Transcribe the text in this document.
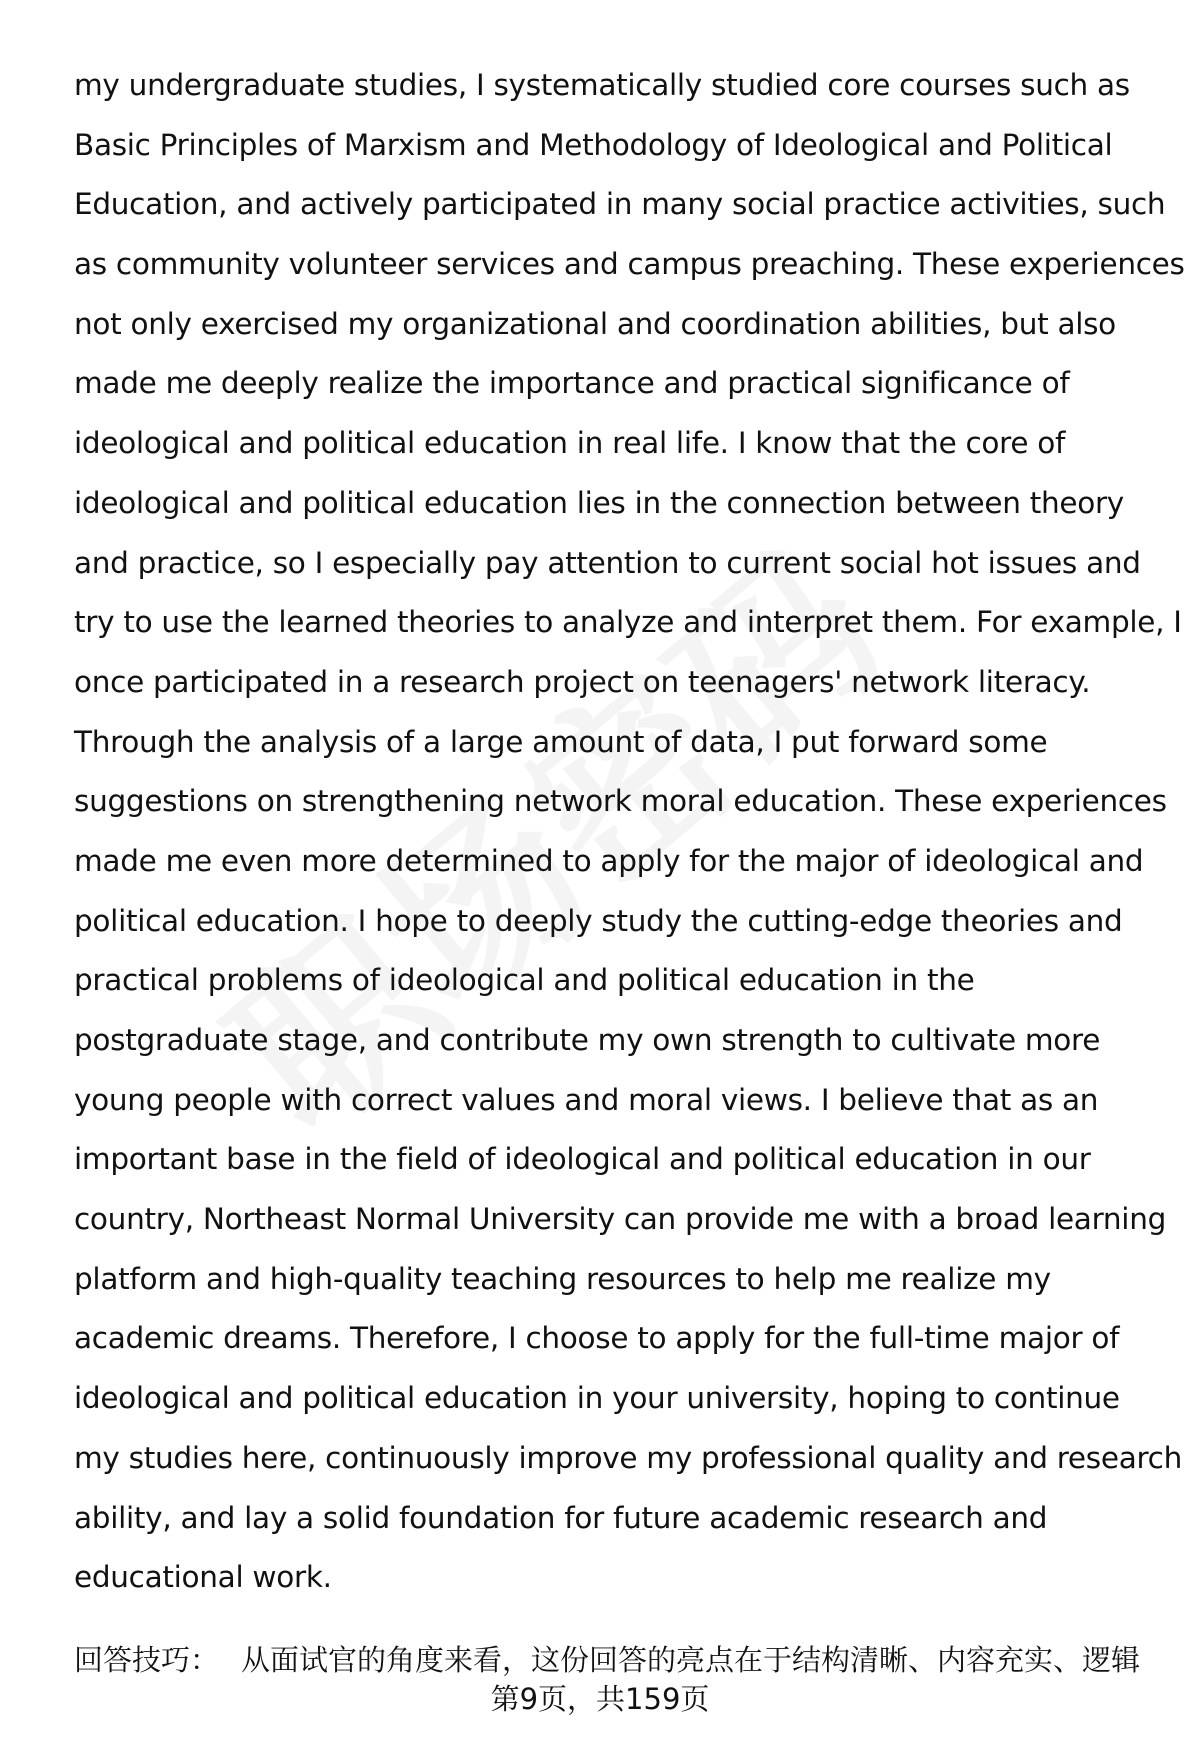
my undergraduate studies, I systematically studied core courses such as
Basic Principles of Marxism and Methodology of Ideological and Political
Education, and actively participated in many social practice activities, such
as community volunteer services and campus preaching. These experiences
not only exercised my organizational and coordination abilities, but also
made me deeply realize the importance and practical significance of
ideological and political education in real life. I know that the core of
ideological and political education lies in the connection between theory
and practice, so I especially pay attention to current social hot issues and
try to use the learned theories to analyze and interpret them. For example, I
once participated in a research project on teenagers' network literacy.
Through the analysis of a large amount of data, I put forward some
suggestions on strengthening network moral education. These experiences
made me even more determined to apply for the major of ideological and
political education. I hope to deeply study the cutting-edge theories and
practical problems of ideological and political education in the
postgraduate stage, and contribute my own strength to cultivate more
young people with correct values and moral views. I believe that as an
important base in the field of ideological and political education in our
country, Northeast Normal University can provide me with a broad learning
platform and high-quality teaching resources to help me realize my
academic dreams. Therefore, I choose to apply for the full-time major of
ideological and political education in your university, hoping to continue
my studies here, continuously improve my professional quality and research
ability, and lay a solid foundation for future academic research and
educational work.

回答技巧： 从面试官的角度来看，这份回答的亮点在于结构清晰、内容充实、逻辑

第9页，共159页
